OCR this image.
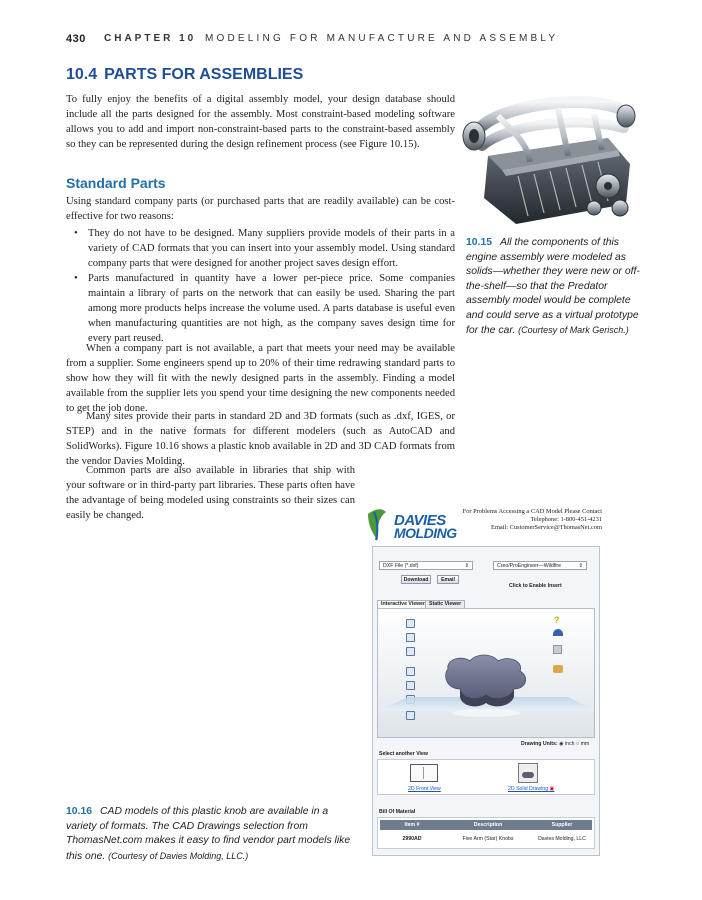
430 CHAPTER 10 MODELING FOR MANUFACTURE AND ASSEMBLY
10.4 PARTS FOR ASSEMBLIES
To fully enjoy the benefits of a digital assembly model, your design database should include all the parts designed for the assembly. Most constraint-based modeling software allows you to add and import non-constraint-based parts to the constraint-based assembly so they can be represented during the design refinement process (see Figure 10.15).
Standard Parts
Using standard company parts (or purchased parts that are readily available) can be cost-effective for two reasons:
• They do not have to be designed. Many suppliers provide models of their parts in a variety of CAD formats that you can insert into your assembly model. Using standard company parts that were designed for another project saves design effort.
• Parts manufactured in quantity have a lower per-piece price. Some companies maintain a library of parts on the network that can easily be used. Sharing the part among more products helps increase the volume used. A parts database is useful even when manufacturing quantities are not high, as the company saves design time for every part reused.
When a company part is not available, a part that meets your need may be available from a supplier. Some engineers spend up to 20% of their time redrawing standard parts to show how they will fit with the newly designed parts in the assembly. Finding a model available from the supplier lets you spend your time designing the new components needed to get the job done.
Many sites provide their parts in standard 2D and 3D formats (such as .dxf, IGES, or STEP) and in the native formats for different modelers (such as AutoCAD and SolidWorks). Figure 10.16 shows a plastic knob available in 2D and 3D CAD formats from the vendor Davies Molding.
Common parts are also available in libraries that ship with your software or in third-party part libraries. These parts often have the advantage of being modeled using constraints so their sizes can easily be changed.
10.15 All the components of this engine assembly were modeled as solids—whether they were new or off-the-shelf—so that the Predator assembly model would be complete and could serve as a virtual prototype for the car. (Courtesy of Mark Gerisch.)
DAVIES
MOLDING
For Problems Accessing a CAD Model Please Contact
Telephone: 1-800-451-4231
Email: CustomerService@ThomasNet.com
DXF File (*.dxf)	⇕	Creo/ProEngineer—Wildfire	⇕
Download	Email
Click to Enable Insert
Interactive Viewer Static Viewer
?
Drawing Units: ◉ inch ○ mm
Select another View
2D Front View	2D Solid Drawing ▣
Bill Of Material
Item #	Description	Supplier
2990AD	Five Arm (Star) Knobs	Davies Molding, LLC
10.16 CAD models of this plastic knob are available in a variety of formats. The CAD Drawings selection from ThomasNet.com makes it easy to find vendor part models like this one. (Courtesy of Davies Molding, LLC.)
